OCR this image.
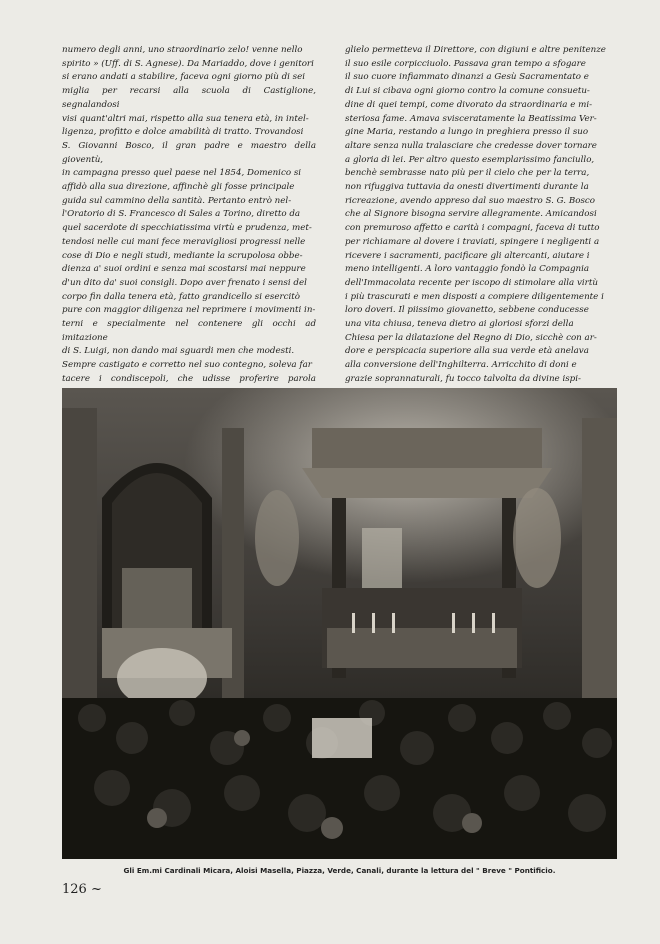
numero degli anni, uno straordinario zelo! venne nello
spirito » (Uff. di S. Agnese). Da Mariaddo, dove i genitori
si erano andati a stabilire, faceva ogni giorno più di sei
miglia per recarsi alla scuola di Castiglione, segnalandosi
visi quant'altri mai, rispetto alla sua tenera età, in intel-
ligenza, profitto e dolce amabilità di tratto. Trovandosi
S. Giovanni Bosco, il gran padre e maestro della gioventù,
in campagna presso quel paese nel 1854, Domenico si
affidò alla sua direzione, affinchè gli fosse principale
guida sul cammino della santità. Pertanto entrò nel-
l'Oratorio di S. Francesco di Sales a Torino, diretto da
quel sacerdote di specchiatissima virtù e prudenza, met-
tendosi nelle cui mani fece meravigliosi progressi nelle
cose di Dio e negli studi, mediante la scrupolosa obbe-
dienza a' suoi ordini e senza mai scostarsi mai neppure
d'un dito da' suoi consigli. Dopo aver frenato i sensi del
corpo fin dalla tenera età, fatto grandicello si esercitò
pure con maggior diligenza nel reprimere i movimenti in-
terni e specialmente nel contenere gli occhi ad imitazione
di S. Luigi, non dando mai sguardi men che modesti.
Sempre castigato e corretto nel suo contegno, soleva far
tacere i condiscepoli, che udisse proferire parola

glielo permetteva il Direttore, con digiuni e altre penitenze
il suo esile corpicciuolo. Passava gran tempo a sfogare
il suo cuore infiammato dinanzi a Gesù Sacramentato e
di Lui si cibava ogni giorno contro la comune consuetu-
dine di quei tempi, come divorato da straordinaria e mi-
steriosa fame. Amava svisceratamente la Beatissima Ver-
gine Maria, restando a lungo in preghiera presso il suo
altare senza nulla tralasciare che credesse dover tornare
a gloria di lei. Per altro questo esemplarissimo fanciullo,
benchè sembrasse nato più per il cielo che per la terra,
non rifuggiva tuttavia da onesti divertimenti durante la
ricreazione, avendo appreso dal suo maestro S. G. Bosco
che al Signore bisogna servire allegramente. Amicandosi
con premuroso affetto e carità i compagni, faceva di tutto
per richiamare al dovere i traviati, spingere i negligenti a
ricevere i sacramenti, pacificare gli altercanti, aiutare i
meno intelligenti. A loro vantaggio fondò la Compagnia
dell'Immacolata recente per iscopo di stimolare alla virtù
i più trascurati e men disposti a compiere diligentemente i
loro doveri. Il piissimo giovanetto, sebbene conducesse
una vita chiusa, teneva dietro ai gloriosi sforzi della
Chiesa per la dilatazione del Regno di Dio, sicchè con ar-
dore e perspicacia superiore alla sua verde età anelava
alla conversione dell'Inghilterra. Arricchito di doni e
grazie soprannaturali, fu tocco talvolta da divine ispi-
Gli Em.mi Cardinali Micara, Aloisi Masella, Piazza, Verde, Canali, durante la lettura del " Breve " Pontificio.
126 ~
